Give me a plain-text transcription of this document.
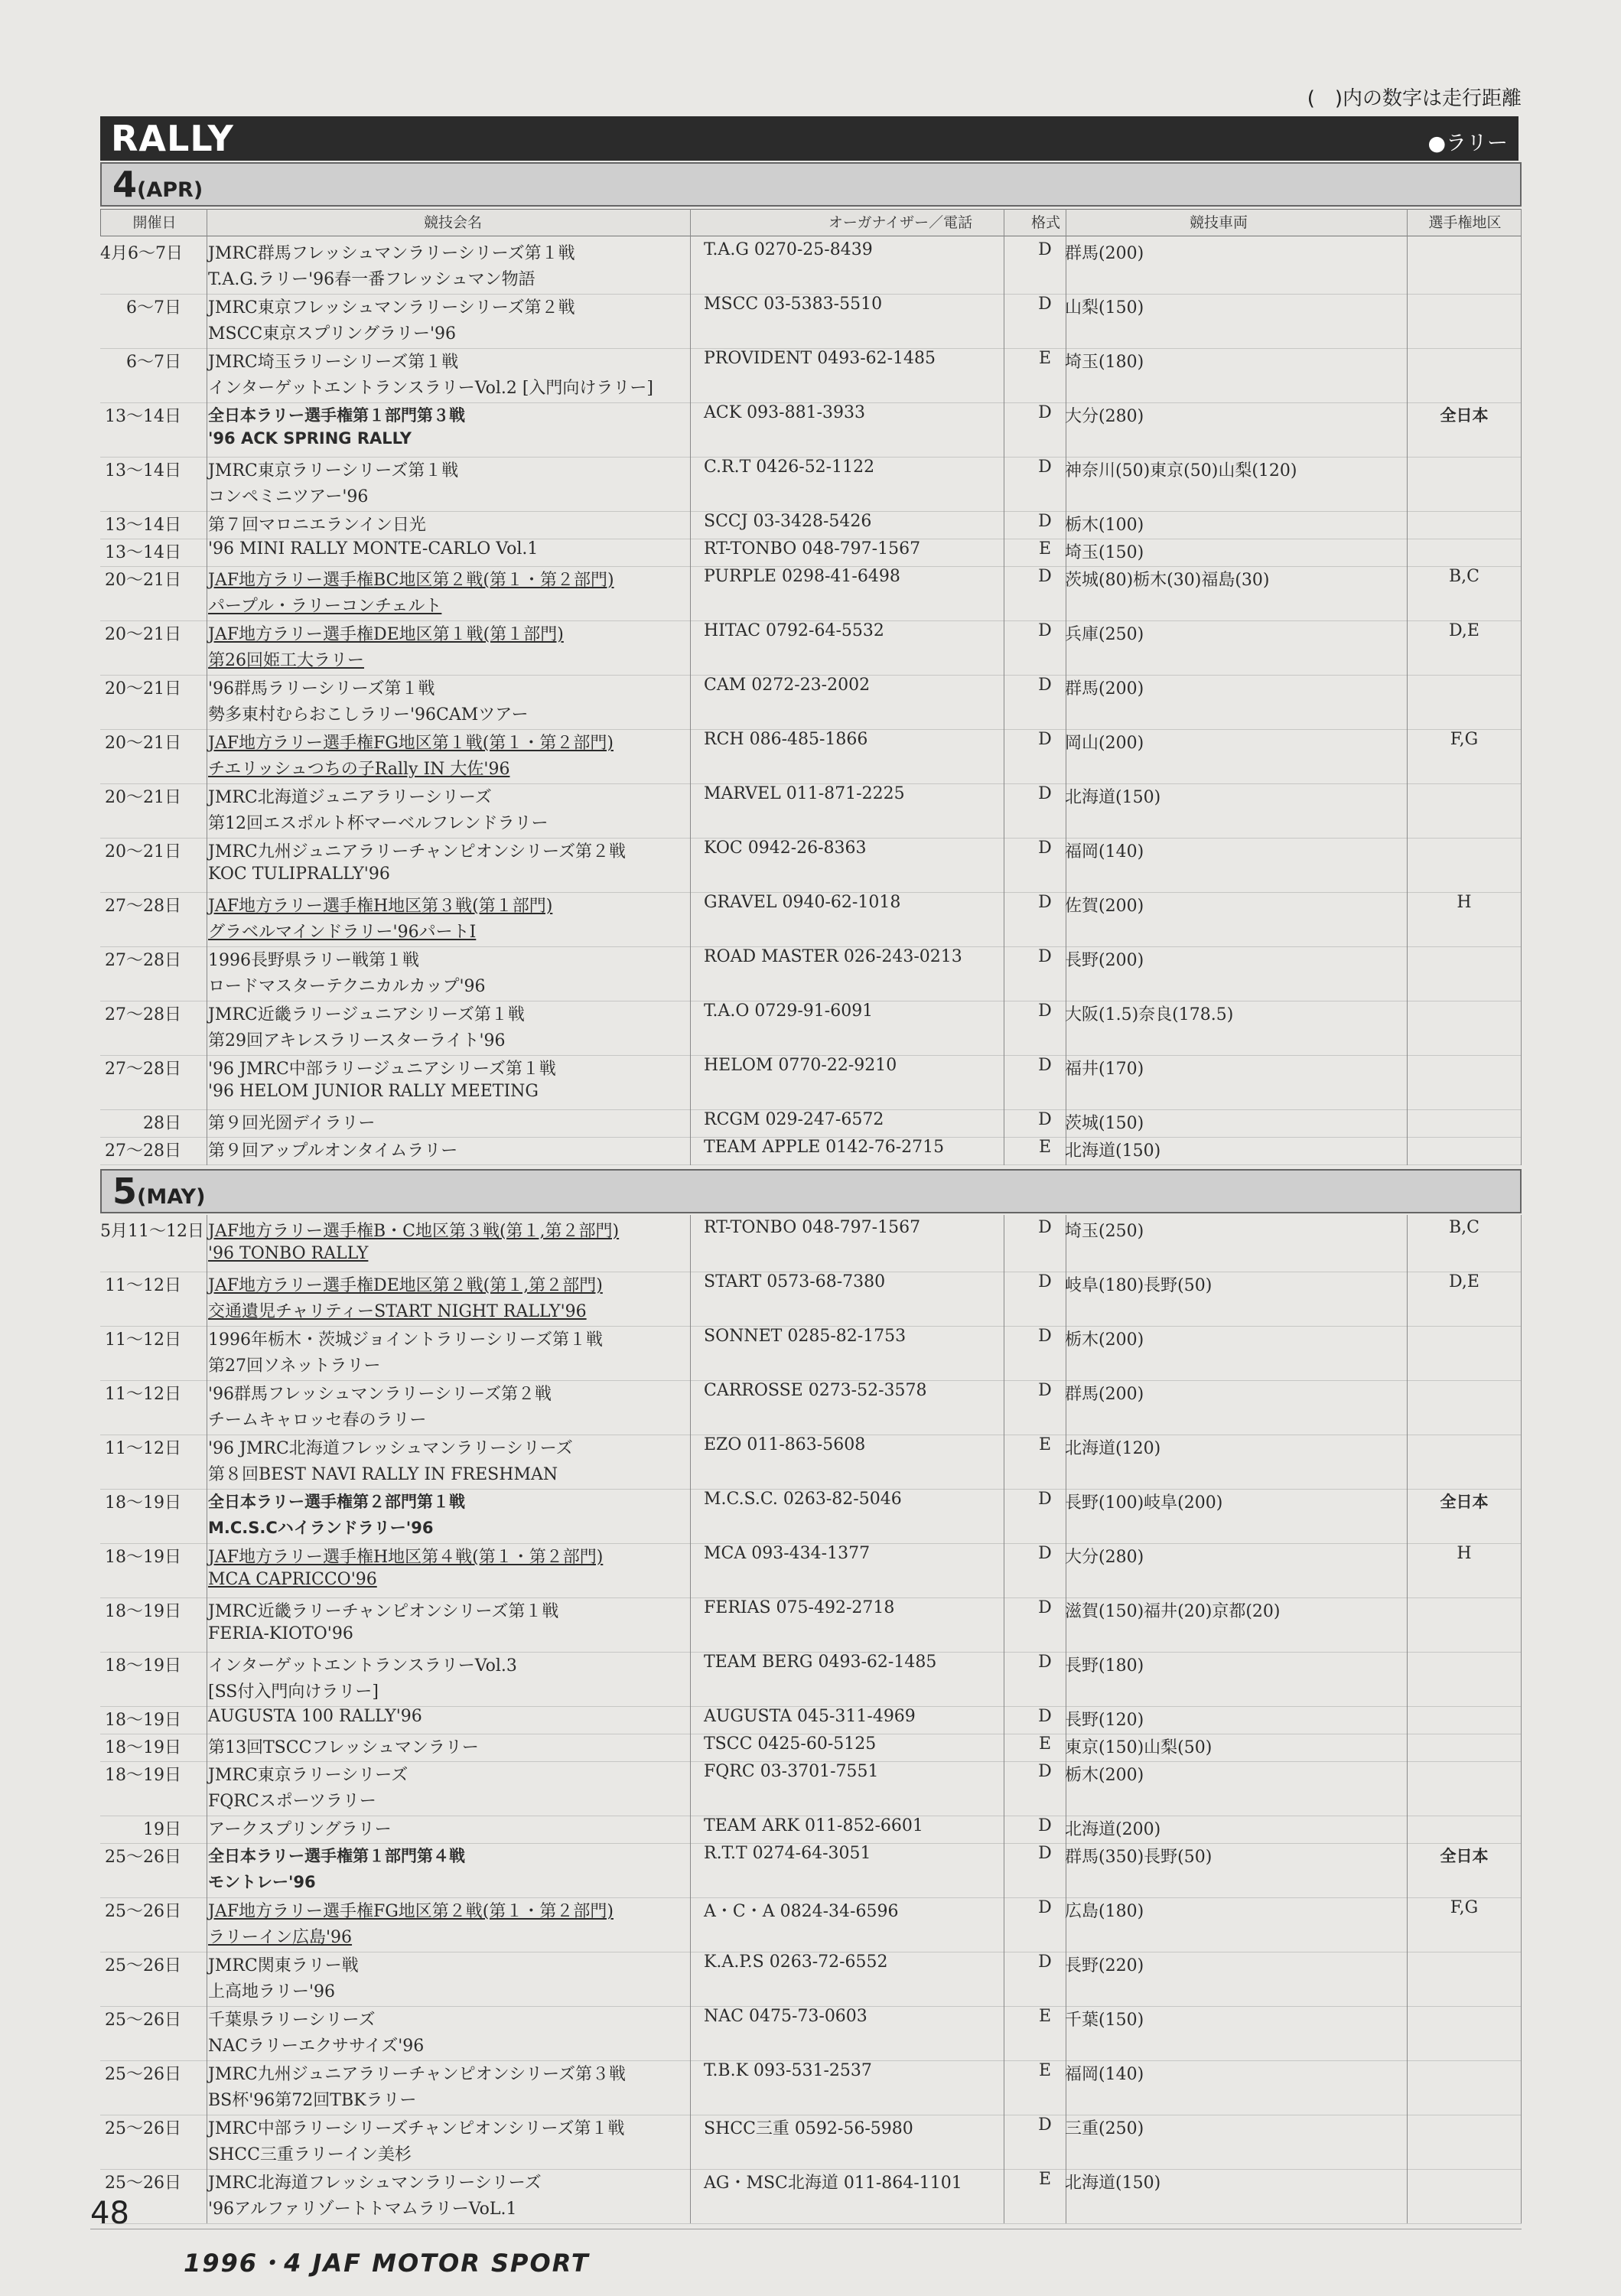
(　)内の数字は走行距離
RALLY	●ラリー
4(APR)
開催日	競技会名	オーガナイザー／電話	格式	競技車両	選手権地区
4月6〜7日 JMRC群馬フレッシュマンラリーシリーズ第１戦
T.A.G.ラリー'96春一番フレッシュマン物語
T.A.G 0270-25-8439	D 群馬(200)
6〜7日 JMRC東京フレッシュマンラリーシリーズ第２戦
MSCC東京スプリングラリー'96
MSCC 03-5383-5510	D 山梨(150)
6〜7日 JMRC埼玉ラリーシリーズ第１戦
インターゲットエントランスラリーVol.2 [入門向けラリー]
PROVIDENT 0493-62-1485	E 埼玉(180)
13〜14日 全日本ラリー選手権第１部門第３戦
'96 ACK SPRING RALLY
ACK 093-881-3933	D 大分(280)	全日本
13〜14日 JMRC東京ラリーシリーズ第１戦
コンペミニツアー'96
C.R.T 0426-52-1122	D 神奈川(50)東京(50)山梨(120)
13〜14日 第７回マロニエランイン日光	SCCJ 03-3428-5426	D 栃木(100)
13〜14日 '96 MINI RALLY MONTE-CARLO Vol.1	RT-TONBO 048-797-1567	E 埼玉(150)
20〜21日 JAF地方ラリー選手権BC地区第２戦(第１・第２部門)
パープル・ラリーコンチェルト
PURPLE 0298-41-6498	D 茨城(80)栃木(30)福島(30)	B,C
20〜21日 JAF地方ラリー選手権DE地区第１戦(第１部門)
第26回姫工大ラリー
HITAC 0792-64-5532	D 兵庫(250)	D,E
20〜21日 '96群馬ラリーシリーズ第１戦
勢多東村むらおこしラリー'96CAMツアー
CAM 0272-23-2002	D 群馬(200)
20〜21日 JAF地方ラリー選手権FG地区第１戦(第１・第２部門)
チエリッシュつちの子Rally IN 大佐'96
RCH 086-485-1866	D 岡山(200)	F,G
20〜21日 JMRC北海道ジュニアラリーシリーズ
第12回エスポルト杯マーベルフレンドラリー
MARVEL 011-871-2225	D 北海道(150)
20〜21日 JMRC九州ジュニアラリーチャンピオンシリーズ第２戦
KOC TULIPRALLY'96
KOC 0942-26-8363	D 福岡(140)
27〜28日 JAF地方ラリー選手権H地区第３戦(第１部門)
グラベルマインドラリー'96パートⅠ
GRAVEL 0940-62-1018	D 佐賀(200)	H
27〜28日 1996長野県ラリー戦第１戦
ロードマスターテクニカルカップ'96
ROAD MASTER 026-243-0213	D 長野(200)
27〜28日 JMRC近畿ラリージュニアシリーズ第１戦
第29回アキレスラリースターライト'96
T.A.O 0729-91-6091	D 大阪(1.5)奈良(178.5)
27〜28日 '96 JMRC中部ラリージュニアシリーズ第１戦
'96 HELOM JUNIOR RALLY MEETING
HELOM 0770-22-9210	D 福井(170)
28日 第９回光圀デイラリー	RCGM 029-247-6572	D 茨城(150)
27〜28日 第９回アップルオンタイムラリー	TEAM APPLE 0142-76-2715	E 北海道(150)
5(MAY)
5月11〜12日 JAF地方ラリー選手権B・C地区第３戦(第１,第２部門)
'96 TONBO RALLY
RT-TONBO 048-797-1567	D 埼玉(250)	B,C
11〜12日 JAF地方ラリー選手権DE地区第２戦(第１,第２部門)
交通遺児チャリティーSTART NIGHT RALLY'96
START 0573-68-7380	D 岐阜(180)長野(50)	D,E
11〜12日 1996年栃木・茨城ジョイントラリーシリーズ第１戦
第27回ソネットラリー
SONNET 0285-82-1753	D 栃木(200)
11〜12日 '96群馬フレッシュマンラリーシリーズ第２戦
チームキャロッセ春のラリー
CARROSSE 0273-52-3578	D 群馬(200)
11〜12日 '96 JMRC北海道フレッシュマンラリーシリーズ
第８回BEST NAVI RALLY IN FRESHMAN
EZO 011-863-5608	E 北海道(120)
18〜19日 全日本ラリー選手権第２部門第１戦
M.C.S.Cハイランドラリー'96
M.C.S.C. 0263-82-5046	D 長野(100)岐阜(200)	全日本
18〜19日 JAF地方ラリー選手権H地区第４戦(第１・第２部門)
MCA CAPRICCO'96
MCA 093-434-1377	D 大分(280)	H
18〜19日 JMRC近畿ラリーチャンピオンシリーズ第１戦
FERIA-KIOTO'96
FERIAS 075-492-2718	D 滋賀(150)福井(20)京都(20)
18〜19日 インターゲットエントランスラリーVol.3
[SS付入門向けラリー]
TEAM BERG 0493-62-1485	D 長野(180)
18〜19日 AUGUSTA 100 RALLY'96	AUGUSTA 045-311-4969	D 長野(120)
18〜19日 第13回TSCCフレッシュマンラリー	TSCC 0425-60-5125	E 東京(150)山梨(50)
18〜19日 JMRC東京ラリーシリーズ
FQRCスポーツラリー
FQRC 03-3701-7551	D 栃木(200)
19日 アークスプリングラリー	TEAM ARK 011-852-6601	D 北海道(200)
25〜26日 全日本ラリー選手権第１部門第４戦
モントレー'96
R.T.T 0274-64-3051	D 群馬(350)長野(50)	全日本
25〜26日 JAF地方ラリー選手権FG地区第２戦(第１・第２部門)
ラリーイン広島'96
A・C・A 0824-34-6596	D 広島(180)	F,G
25〜26日 JMRC関東ラリー戦
上高地ラリー'96
K.A.P.S 0263-72-6552	D 長野(220)
25〜26日 千葉県ラリーシリーズ
NACラリーエクササイズ'96
NAC 0475-73-0603	E 千葉(150)
25〜26日 JMRC九州ジュニアラリーチャンピオンシリーズ第３戦
BS杯'96第72回TBKラリー
T.B.K 093-531-2537	E 福岡(140)
25〜26日 JMRC中部ラリーシリーズチャンピオンシリーズ第１戦
SHCC三重ラリーイン美杉
SHCC三重 0592-56-5980	D 三重(250)
25〜26日 JMRC北海道フレッシュマンラリーシリーズ
'96アルファリゾートトマムラリーVoL.1
AG・MSC北海道 011-864-1101	E 北海道(150)
48
1996・4 JAF MOTOR SPORT
